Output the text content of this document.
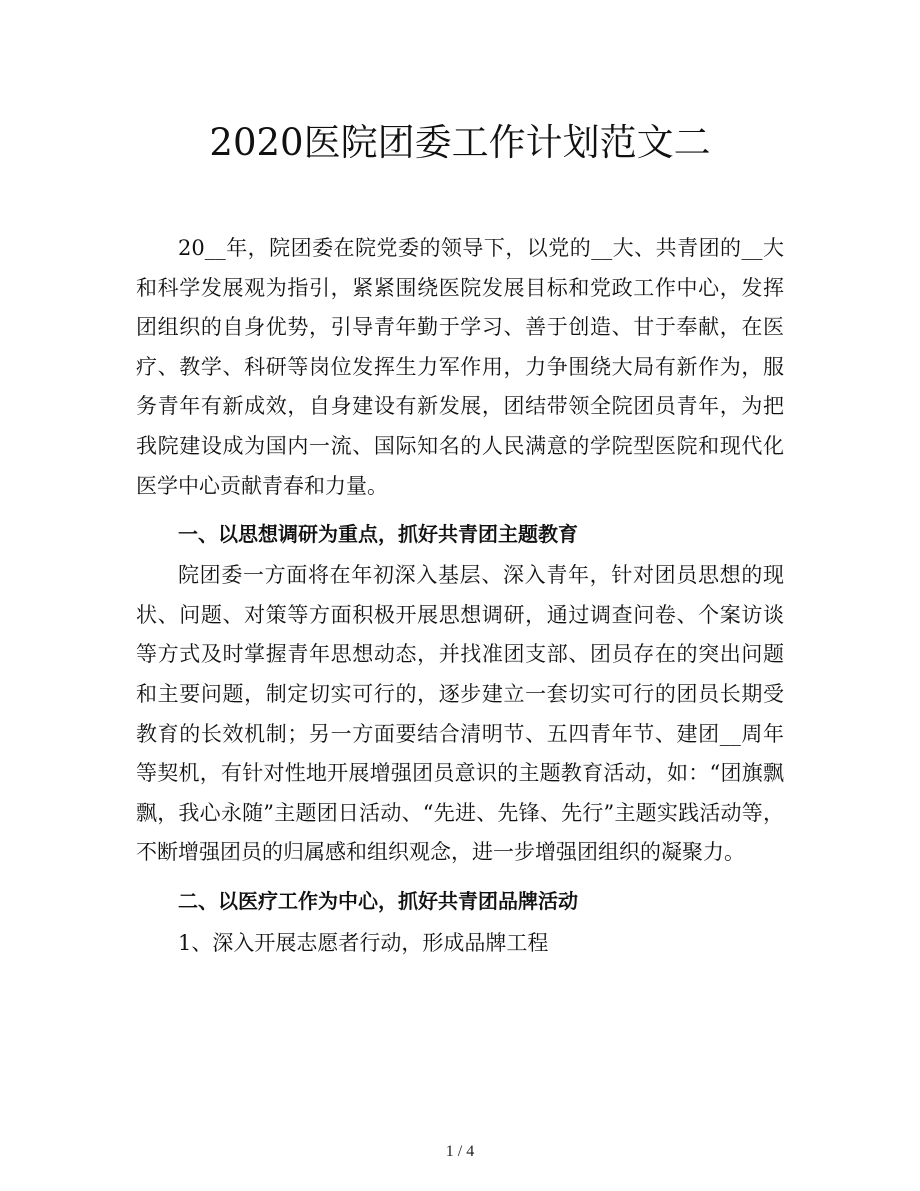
2020医院团委工作计划范文二

20__年，院团委在院党委的领导下，以党的__大、共青团的__大和科学发展观为指引，紧紧围绕医院发展目标和党政工作中心，发挥团组织的自身优势，引导青年勤于学习、善于创造、甘于奉献，在医疗、教学、科研等岗位发挥生力军作用，力争围绕大局有新作为，服务青年有新成效，自身建设有新发展，团结带领全院团员青年，为把我院建设成为国内一流、国际知名的人民满意的学院型医院和现代化医学中心贡献青春和力量。

一、以思想调研为重点，抓好共青团主题教育

院团委一方面将在年初深入基层、深入青年，针对团员思想的现状、问题、对策等方面积极开展思想调研，通过调查问卷、个案访谈等方式及时掌握青年思想动态，并找准团支部、团员存在的突出问题和主要问题，制定切实可行的，逐步建立一套切实可行的团员长期受教育的长效机制；另一方面要结合清明节、五四青年节、建团__周年等契机，有针对性地开展增强团员意识的主题教育活动，如：“团旗飘飘，我心永随”主题团日活动、“先进、先锋、先行”主题实践活动等，不断增强团员的归属感和组织观念，进一步增强团组织的凝聚力。

二、以医疗工作为中心，抓好共青团品牌活动

1、深入开展志愿者行动，形成品牌工程

1 / 4
